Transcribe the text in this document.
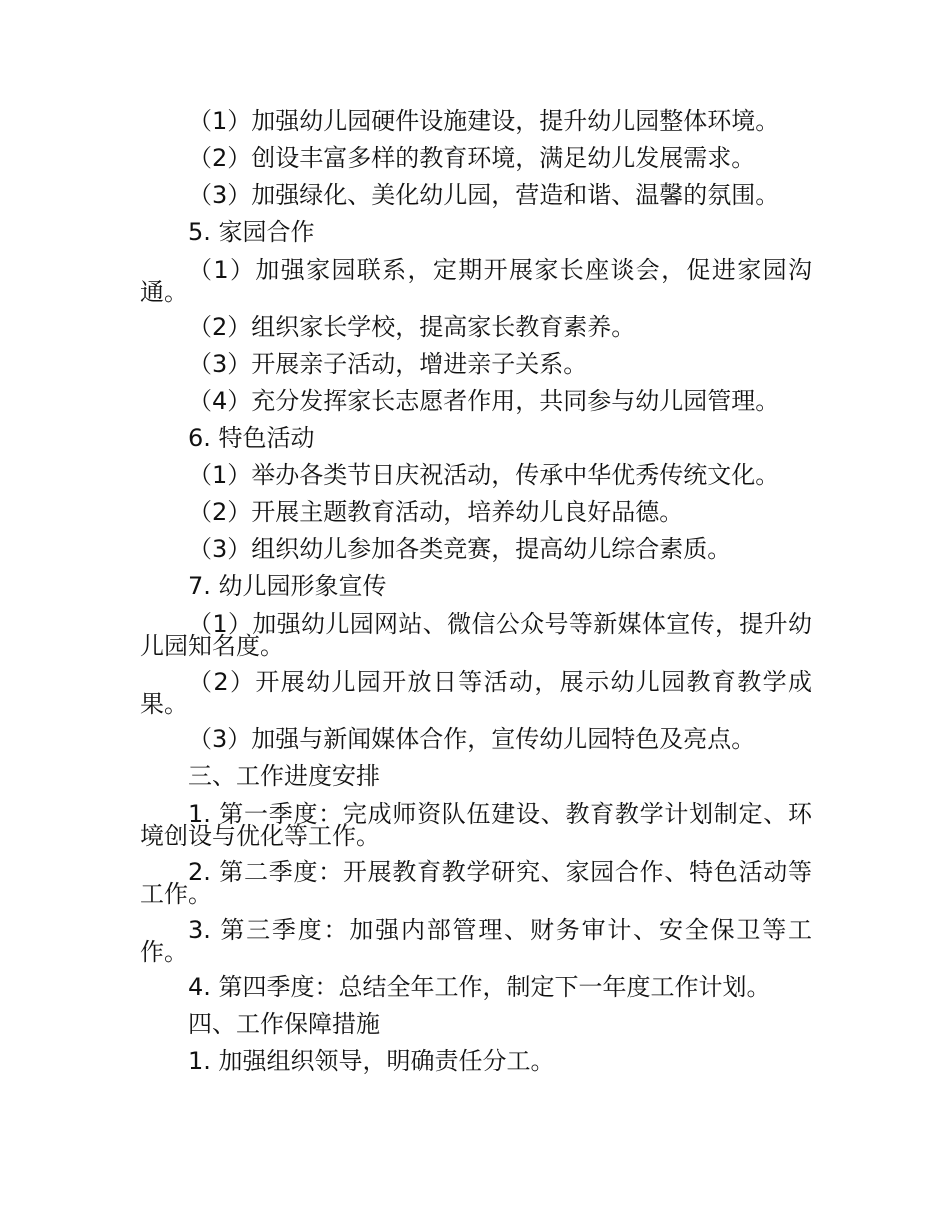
（1）加强幼儿园硬件设施建设，提升幼儿园整体环境。
（2）创设丰富多样的教育环境，满足幼儿发展需求。
（3）加强绿化、美化幼儿园，营造和谐、温馨的氛围。
5. 家园合作
（1）加强家园联系，定期开展家长座谈会，促进家园沟通。
（2）组织家长学校，提高家长教育素养。
（3）开展亲子活动，增进亲子关系。
（4）充分发挥家长志愿者作用，共同参与幼儿园管理。
6. 特色活动
（1）举办各类节日庆祝活动，传承中华优秀传统文化。
（2）开展主题教育活动，培养幼儿良好品德。
（3）组织幼儿参加各类竞赛，提高幼儿综合素质。
7. 幼儿园形象宣传
（1）加强幼儿园网站、微信公众号等新媒体宣传，提升幼儿园知名度。
（2）开展幼儿园开放日等活动，展示幼儿园教育教学成果。
（3）加强与新闻媒体合作，宣传幼儿园特色及亮点。
三、工作进度安排
1. 第一季度：完成师资队伍建设、教育教学计划制定、环境创设与优化等工作。
2. 第二季度：开展教育教学研究、家园合作、特色活动等工作。
3. 第三季度：加强内部管理、财务审计、安全保卫等工作。
4. 第四季度：总结全年工作，制定下一年度工作计划。
四、工作保障措施
1. 加强组织领导，明确责任分工。
